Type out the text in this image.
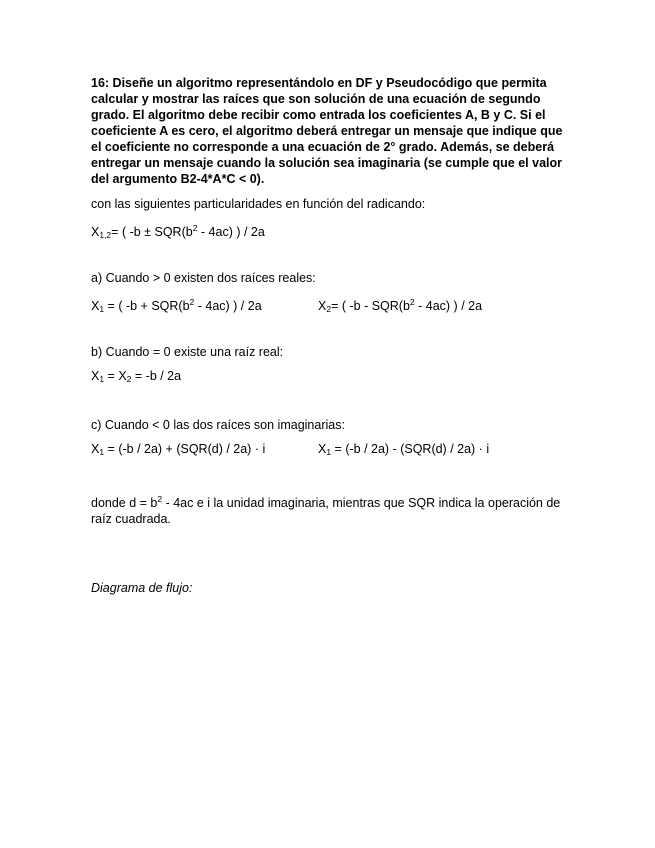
16: Diseñe un algoritmo representándolo en DF y Pseudocódigo que permita calcular y mostrar las raíces que son solución de una ecuación de segundo grado. El algoritmo debe recibir como entrada los coeficientes A, B y C. Si el coeficiente A es cero, el algoritmo deberá entregar un mensaje que indique que el coeficiente no corresponde a una ecuación de 2° grado. Además, se deberá entregar un mensaje cuando la solución sea imaginaria (se cumple que el valor del argumento B2-4*A*C < 0).
con las siguientes particularidades en función del radicando:
$X_{1,2}=$ ( $-b \pm SQR(b^2 - 4ac)$ ) / 2a
a) Cuando > 0 existen dos raíces reales:
$X_1$ = ( $-b + SQR(b^2 - 4ac)$ ) / 2a	$X_2=$ ( $-b - SQR(b^2 - 4ac)$ ) / 2a
b) Cuando = 0 existe una raíz real:
$X_1 = X_2 = -b / 2a$
c) Cuando < 0 las dos raíces son imaginarias:
$X_1 = (-b / 2a) + (SQR(d) / 2a) \cdot i$	$X_1 = (-b / 2a) - (SQR(d) / 2a) \cdot i$
donde $d = b^2 - 4ac$ e i la unidad imaginaria, mientras que SQR indica la operación de raíz cuadrada.
Diagrama de flujo:
